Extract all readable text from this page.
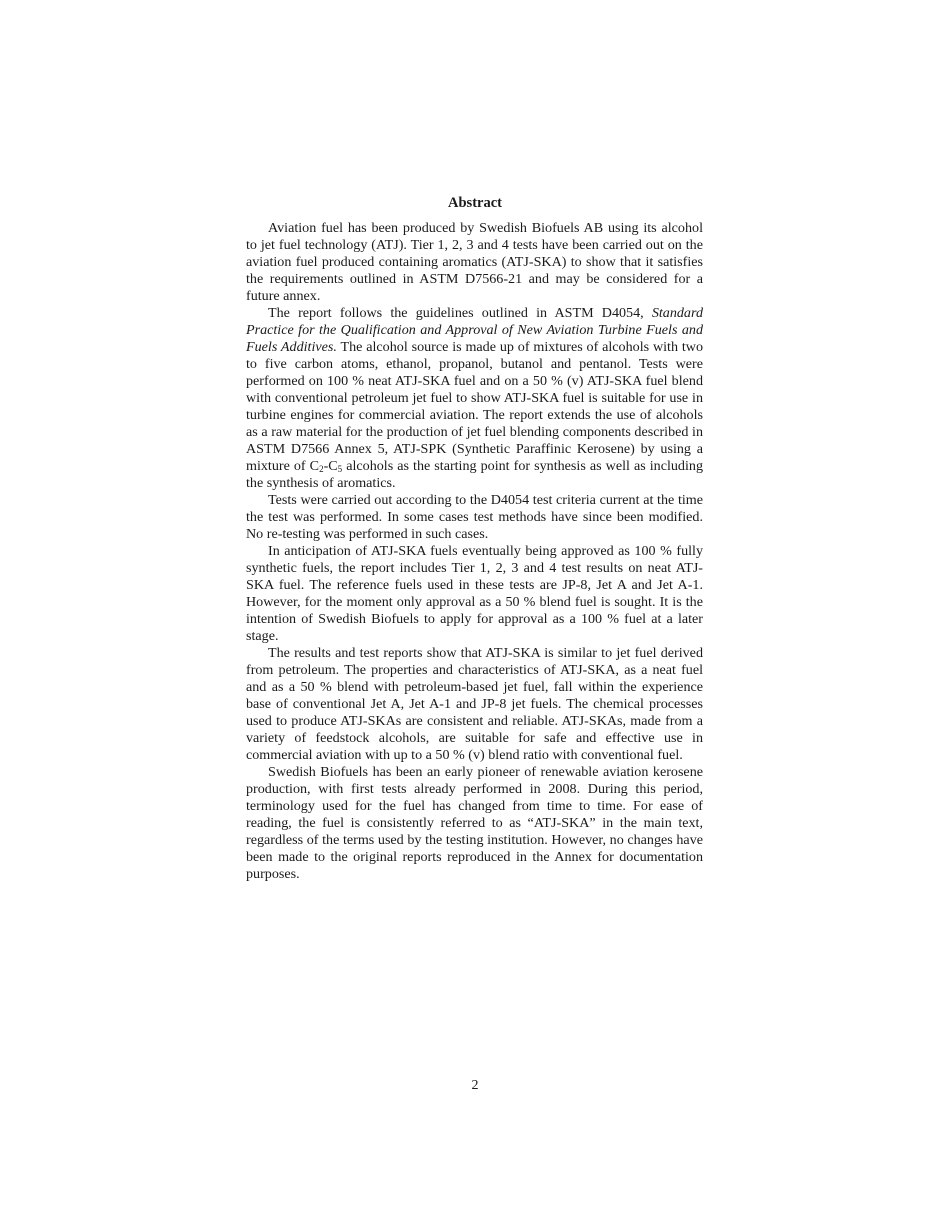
Abstract

Aviation fuel has been produced by Swedish Biofuels AB using its alcohol to jet fuel technology (ATJ). Tier 1, 2, 3 and 4 tests have been carried out on the aviation fuel produced containing aromatics (ATJ-SKA) to show that it satisfies the requirements outlined in ASTM D7566-21 and may be considered for a future annex.

The report follows the guidelines outlined in ASTM D4054, Standard Practice for the Qualification and Approval of New Aviation Turbine Fuels and Fuels Additives. The alcohol source is made up of mixtures of alcohols with two to five carbon atoms, ethanol, propanol, butanol and pentanol. Tests were performed on 100 % neat ATJ-SKA fuel and on a 50 % (v) ATJ-SKA fuel blend with conventional petroleum jet fuel to show ATJ-SKA fuel is suitable for use in turbine engines for commercial aviation. The report extends the use of alcohols as a raw material for the production of jet fuel blending components described in ASTM D7566 Annex 5, ATJ-SPK (Synthetic Paraffinic Kerosene) by using a mixture of $C_2-C_5$ alcohols as the starting point for synthesis as well as including the synthesis of aromatics.

Tests were carried out according to the D4054 test criteria current at the time the test was performed. In some cases test methods have since been modified. No re-testing was performed in such cases.

In anticipation of ATJ-SKA fuels eventually being approved as 100 % fully synthetic fuels, the report includes Tier 1, 2, 3 and 4 test results on neat ATJ-SKA fuel. The reference fuels used in these tests are JP-8, Jet A and Jet A-1. However, for the moment only approval as a 50 % blend fuel is sought. It is the intention of Swedish Biofuels to apply for approval as a 100 % fuel at a later stage.

The results and test reports show that ATJ-SKA is similar to jet fuel derived from petroleum. The properties and characteristics of ATJ-SKA, as a neat fuel and as a 50 % blend with petroleum-based jet fuel, fall within the experience base of conventional Jet A, Jet A-1 and JP-8 jet fuels. The chemical processes used to produce ATJ-SKAs are consistent and reliable. ATJ-SKAs, made from a variety of feedstock alcohols, are suitable for safe and effective use in commercial aviation with up to a 50 % (v) blend ratio with conventional fuel.

Swedish Biofuels has been an early pioneer of renewable aviation kerosene production, with first tests already performed in 2008. During this period, terminology used for the fuel has changed from time to time. For ease of reading, the fuel is consistently referred to as “ATJ-SKA” in the main text, regardless of the terms used by the testing institution. However, no changes have been made to the original reports reproduced in the Annex for documentation purposes.

2
